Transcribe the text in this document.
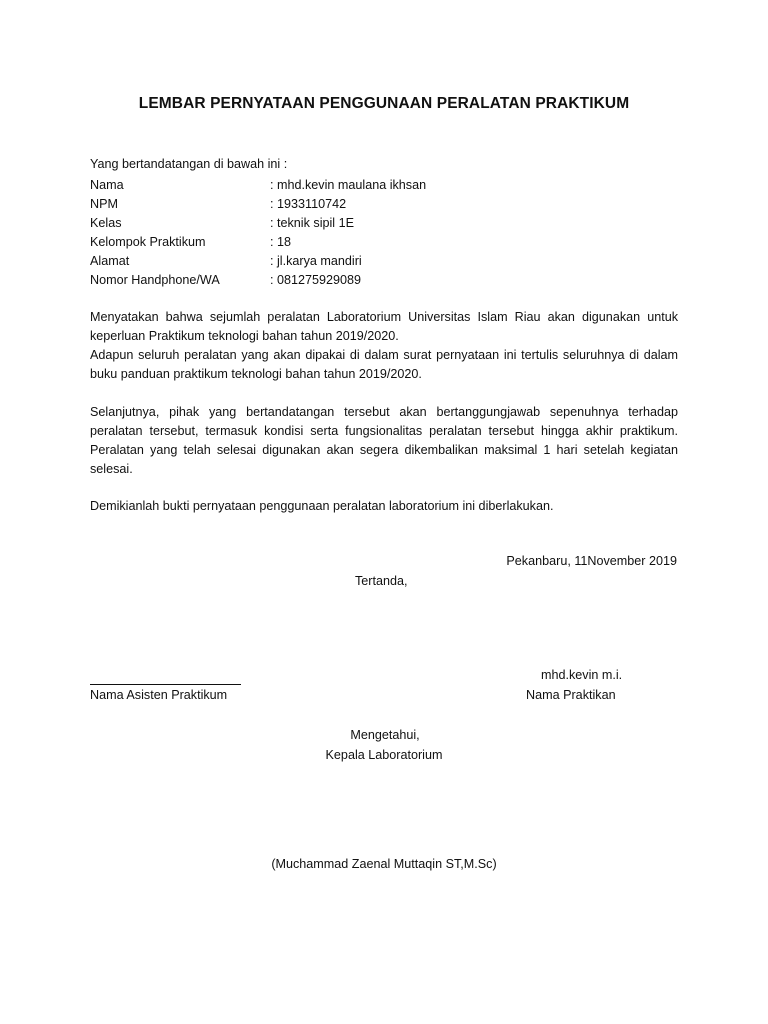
LEMBAR PERNYATAAN PENGGUNAAN PERALATAN PRAKTIKUM
Yang bertandatangan di bawah ini :
Nama	: mhd.kevin maulana ikhsan
NPM	: 1933110742
Kelas	: teknik sipil 1E
Kelompok Praktikum	: 18
Alamat	: jl.karya mandiri
Nomor Handphone/WA	: 081275929089
Menyatakan bahwa sejumlah peralatan Laboratorium Universitas Islam Riau akan digunakan untuk keperluan Praktikum teknologi bahan tahun 2019/2020.
Adapun seluruh peralatan yang akan dipakai di dalam surat pernyataan ini tertulis seluruhnya di dalam buku panduan praktikum teknologi bahan tahun 2019/2020.
Selanjutnya, pihak yang bertandatangan tersebut akan bertanggungjawab sepenuhnya terhadap peralatan tersebut, termasuk kondisi serta fungsionalitas peralatan tersebut hingga akhir praktikum. Peralatan yang telah selesai digunakan akan segera dikembalikan maksimal 1 hari setelah kegiatan selesai.
Demikianlah bukti pernyataan penggunaan peralatan laboratorium ini diberlakukan.
Pekanbaru, 11November 2019
Tertanda,
Nama Asisten Praktikum
mhd.kevin m.i.
Nama Praktikan
Mengetahui,
Kepala Laboratorium
(Muchammad Zaenal Muttaqin ST,M.Sc)
